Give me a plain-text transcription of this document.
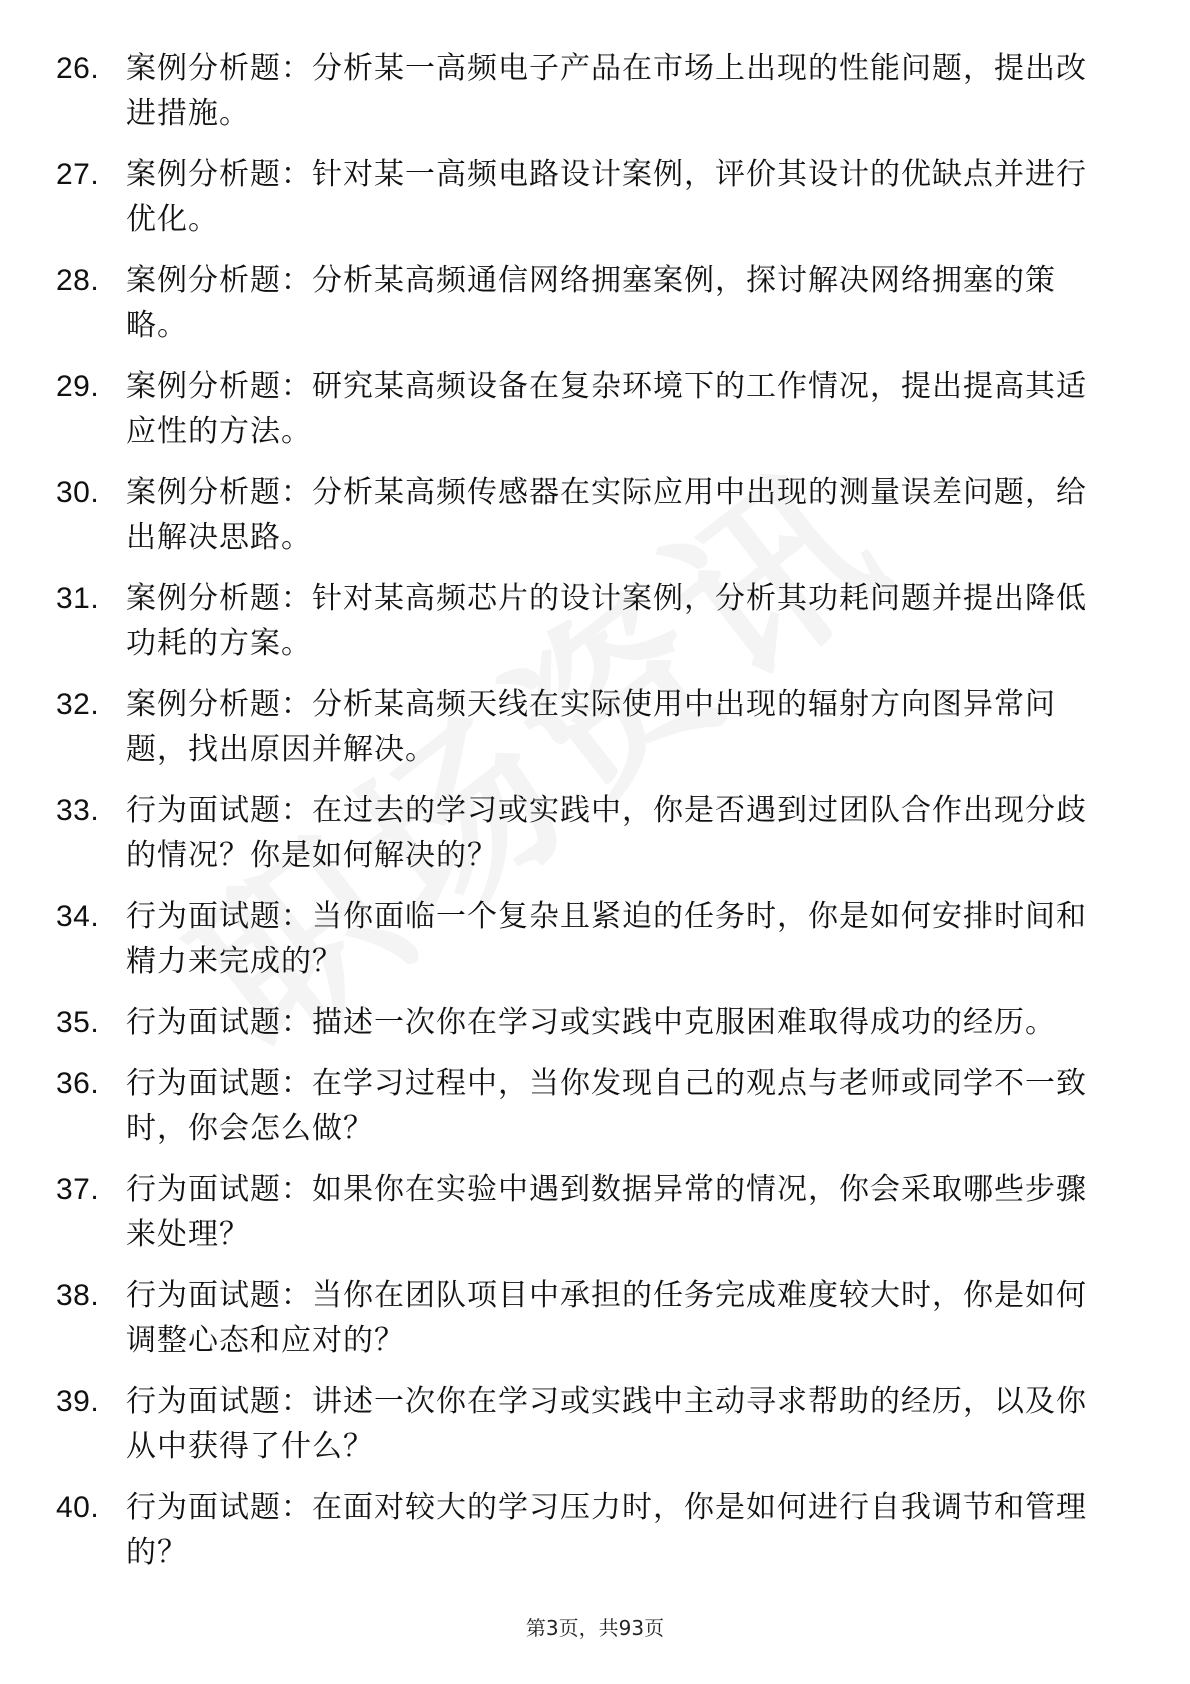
26. 案例分析题：分析某一高频电子产品在市场上出现的性能问题，提出改进措施。
27. 案例分析题：针对某一高频电路设计案例，评价其设计的优缺点并进行优化。
28. 案例分析题：分析某高频通信网络拥塞案例，探讨解决网络拥塞的策略。
29. 案例分析题：研究某高频设备在复杂环境下的工作情况，提出提高其适应性的方法。
30. 案例分析题：分析某高频传感器在实际应用中出现的测量误差问题，给出解决思路。
31. 案例分析题：针对某高频芯片的设计案例，分析其功耗问题并提出降低功耗的方案。
32. 案例分析题：分析某高频天线在实际使用中出现的辐射方向图异常问题，找出原因并解决。
33. 行为面试题：在过去的学习或实践中，你是否遇到过团队合作出现分歧的情况？你是如何解决的？
34. 行为面试题：当你面临一个复杂且紧迫的任务时，你是如何安排时间和精力来完成的？
35. 行为面试题：描述一次你在学习或实践中克服困难取得成功的经历。
36. 行为面试题：在学习过程中，当你发现自己的观点与老师或同学不一致时，你会怎么做？
37. 行为面试题：如果你在实验中遇到数据异常的情况，你会采取哪些步骤来处理？
38. 行为面试题：当你在团队项目中承担的任务完成难度较大时，你是如何调整心态和应对的？
39. 行为面试题：讲述一次你在学习或实践中主动寻求帮助的经历，以及你从中获得了什么？
40. 行为面试题：在面对较大的学习压力时，你是如何进行自我调节和管理的？
第3页，共93页
